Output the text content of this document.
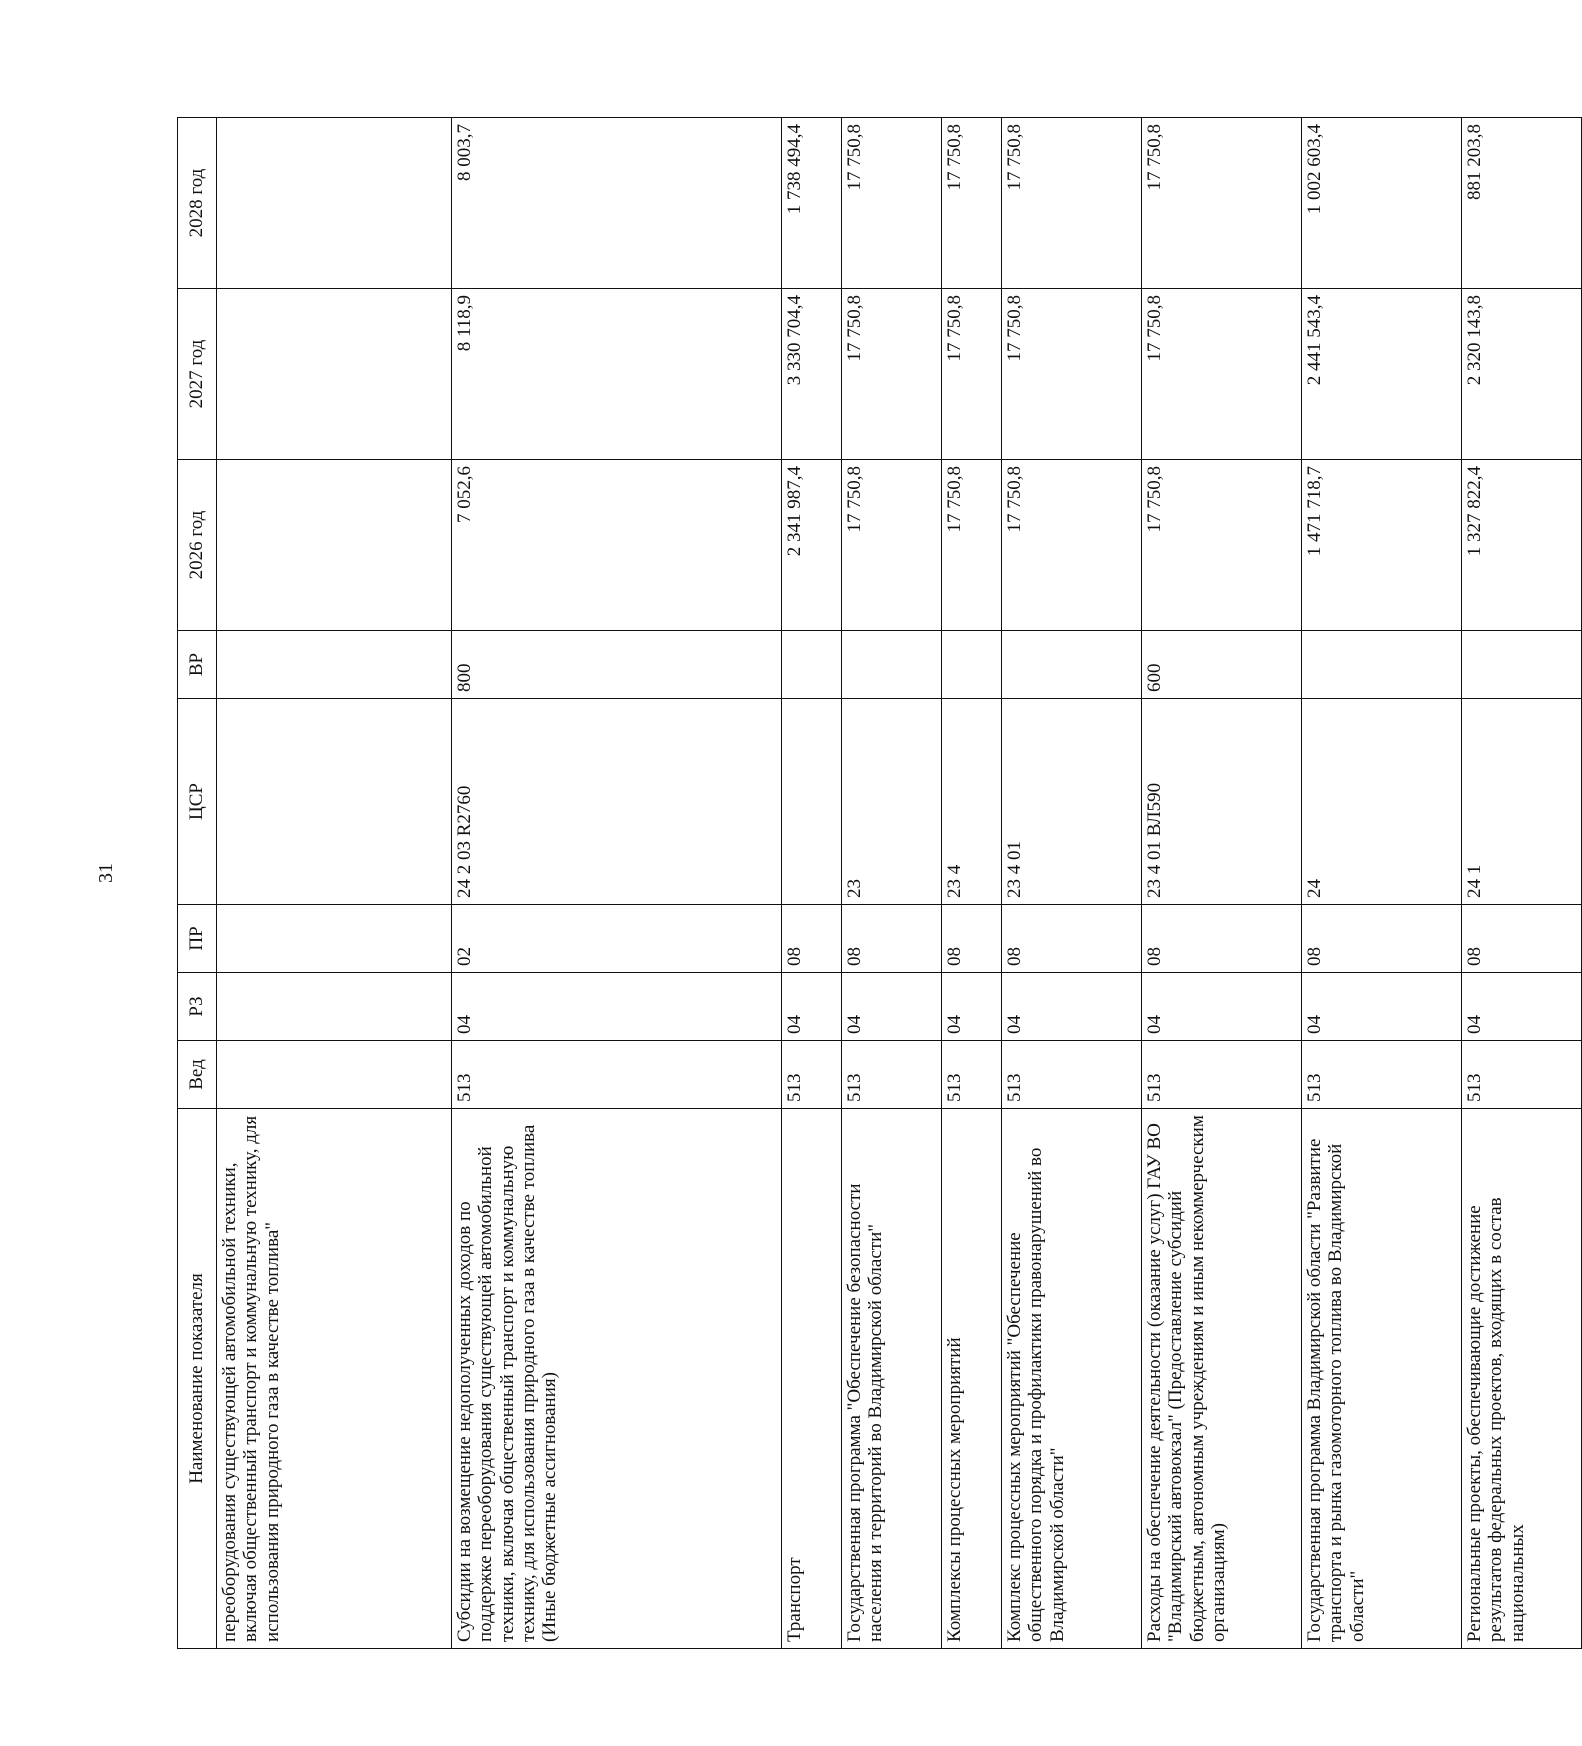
31
Наименование показателя	Вед	РЗ	ПР	ЦСР	ВР	2026 год	2027 год	2028 год
переоборудования существующей автомобильной техники, включая общественный транспорт и коммунальную технику, для использования природного газа в качестве топлива"								
Субсидии на возмещение недополученных доходов по поддержке переоборудования существующей автомобильной техники, включая общественный транспорт и коммунальную технику, для использования природного газа в качестве топлива (Иные бюджетные ассигнования)	513	04	02	24 2 03 R2760	800	7 052,6	8 118,9	8 003,7
Транспорт	513	04	08			2 341 987,4	3 330 704,4	1 738 494,4
Государственная программа "Обеспечение безопасности населения и территорий во Владимирской области"	513	04	08	23		17 750,8	17 750,8	17 750,8
Комплексы процессных мероприятий	513	04	08	23 4		17 750,8	17 750,8	17 750,8
Комплекс процессных мероприятий "Обеспечение общественного порядка и профилактики правонарушений во Владимирской области"	513	04	08	23 4 01		17 750,8	17 750,8	17 750,8
Расходы на обеспечение деятельности (оказание услуг) ГАУ ВО "Владимирский автовокзал" (Предоставление субсидий бюджетным, автономным учреждениям и иным некоммерческим организациям)	513	04	08	23 4 01 ВЛ590	600	17 750,8	17 750,8	17 750,8
Государственная программа Владимирской области "Развитие транспорта и рынка газомоторного топлива во Владимирской области"	513	04	08	24		1 471 718,7	2 441 543,4	1 002 603,4
Региональные проекты, обеспечивающие достижение результатов федеральных проектов, входящих в состав национальных	513	04	08	24 1		1 327 822,4	2 320 143,8	881 203,8
